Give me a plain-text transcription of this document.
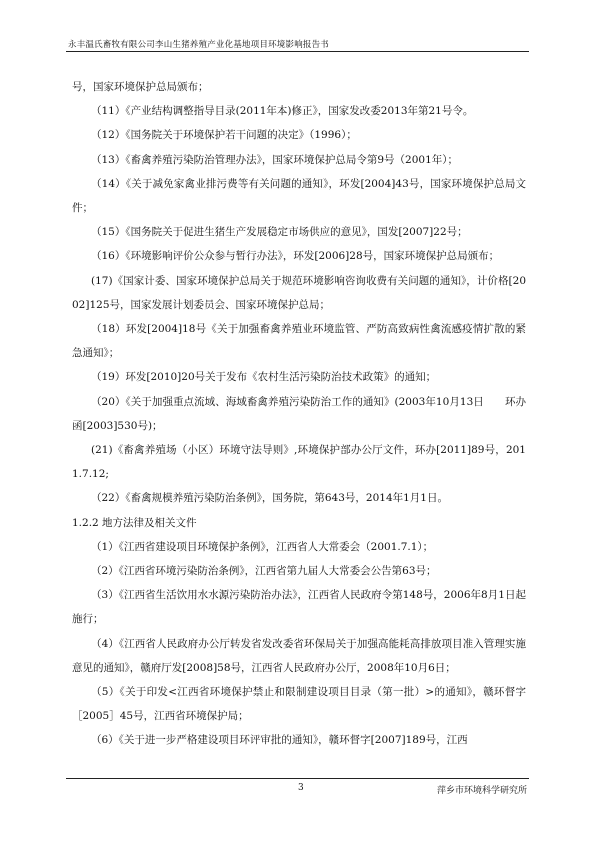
永丰温氏畜牧有限公司李山生猪养殖产业化基地项目环境影响报告书

号，国家环境保护总局颁布；

（11）《产业结构调整指导目录(2011年本)修正》，国家发改委2013年第21号令。

（12）《国务院关于环境保护若干问题的决定》（1996）；

（13）《畜禽养殖污染防治管理办法》，国家环境保护总局令第9号（2001年）；

（14）《关于减免家禽业排污费等有关问题的通知》，环发[2004]43号，国家环境保护总局文件；

（15）《国务院关于促进生猪生产发展稳定市场供应的意见》，国发[2007]22号；

（16）《环境影响评价公众参与暂行办法》，环发[2006]28号，国家环境保护总局颁布；

(17)《国家计委、国家环境保护总局关于规范环境影响咨询收费有关问题的通知》，计价格[2002]125号，国家发展计划委员会、国家环境保护总局；

（18）环发[2004]18号《关于加强畜禽养殖业环境监管、严防高致病性禽流感疫情扩散的紧急通知》；

（19）环发[2010]20号关于发布《农村生活污染防治技术政策》的通知；

（20）《关于加强重点流域、海域畜禽养殖污染防治工作的通知》(2003年10月13日　　环办函[2003]530号)；

(21)《畜禽养殖场（小区）环境守法导则》,环境保护部办公厅文件，环办[2011]89号，2011.7.12;

（22）《畜禽规模养殖污染防治条例》，国务院，第643号，2014年1月1日。

1.2.2 地方法律及相关文件

（1）《江西省建设项目环境保护条例》，江西省人大常委会（2001.7.1）；

（2）《江西省环境污染防治条例》，江西省第九届人大常委会公告第63号；

（3）《江西省生活饮用水水源污染防治办法》，江西省人民政府令第148号，2006年8月1日起施行；

（4）《江西省人民政府办公厅转发省发改委省环保局关于加强高能耗高排放项目准入管理实施意见的通知》，赣府厅发[2008]58号，江西省人民政府办公厅，2008年10月6日；

（5）《关于印发<江西省环境保护禁止和限制建设项目目录（第一批）>的通知》，赣环督字［2005］45号，江西省环境保护局；

（6）《关于进一步严格建设项目环评审批的通知》，赣环督字[2007]189号，江西

3	萍乡市环境科学研究所
